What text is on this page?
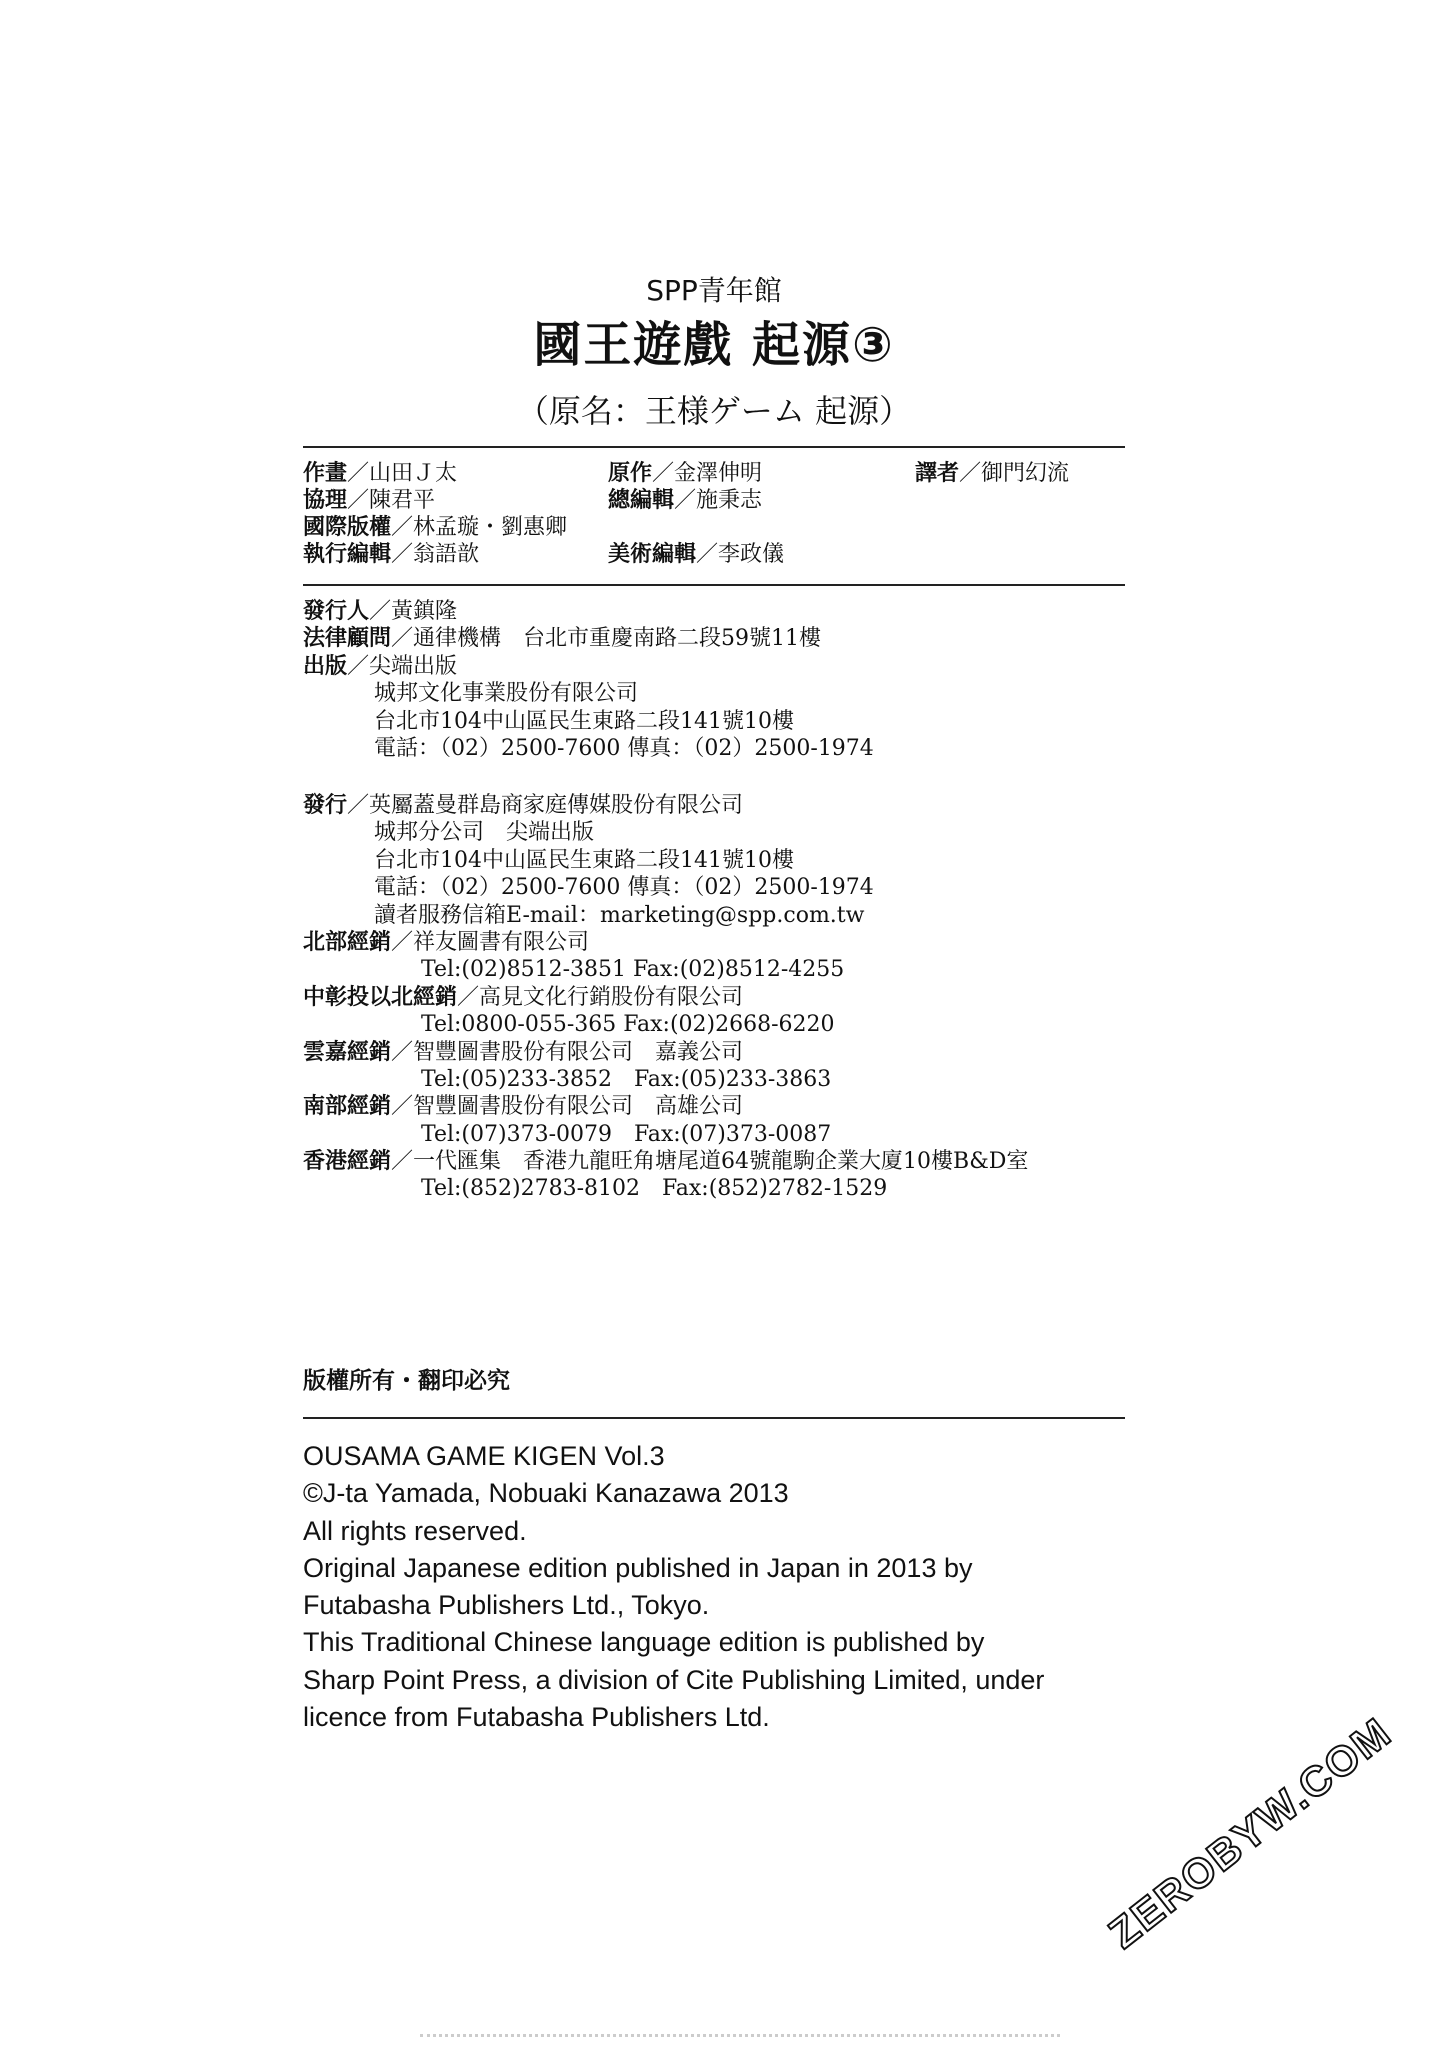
SPP青年館
國王遊戲 起源③
（原名：王様ゲーム 起源）
作畫／山田Ｊ太	原作／金澤伸明	譯者／御門幻流
協理／陳君平	總編輯／施秉志
國際版權／林孟璇・劉惠卿
執行編輯／翁語歆	美術編輯／李政儀
發行人／黃鎮隆
法律顧問／通律機構　台北市重慶南路二段59號11樓
出版／尖端出版
城邦文化事業股份有限公司
台北市104中山區民生東路二段141號10樓
電話：（02）2500-7600 傳真：（02）2500-1974
發行／英屬蓋曼群島商家庭傳媒股份有限公司
城邦分公司　尖端出版
台北市104中山區民生東路二段141號10樓
電話：（02）2500-7600 傳真：（02）2500-1974
讀者服務信箱E-mail：marketing@spp.com.tw
北部經銷／祥友圖書有限公司
Tel:(02)8512-3851 Fax:(02)8512-4255
中彰投以北經銷／高見文化行銷股份有限公司
Tel:0800-055-365 Fax:(02)2668-6220
雲嘉經銷／智豐圖書股份有限公司　嘉義公司
Tel:(05)233-3852　Fax:(05)233-3863
南部經銷／智豐圖書股份有限公司　高雄公司
Tel:(07)373-0079　Fax:(07)373-0087
香港經銷／一代匯集　香港九龍旺角塘尾道64號龍駒企業大廈10樓B&D室
Tel:(852)2783-8102　Fax:(852)2782-1529
版權所有・翻印必究
OUSAMA GAME KIGEN Vol.3
©J-ta Yamada, Nobuaki Kanazawa 2013
All rights reserved.
Original Japanese edition published in Japan in 2013 by
Futabasha Publishers Ltd., Tokyo.
This Traditional Chinese language edition is published by
Sharp Point Press, a division of Cite Publishing Limited, under
licence from Futabasha Publishers Ltd.	ZEROBYW.COM
